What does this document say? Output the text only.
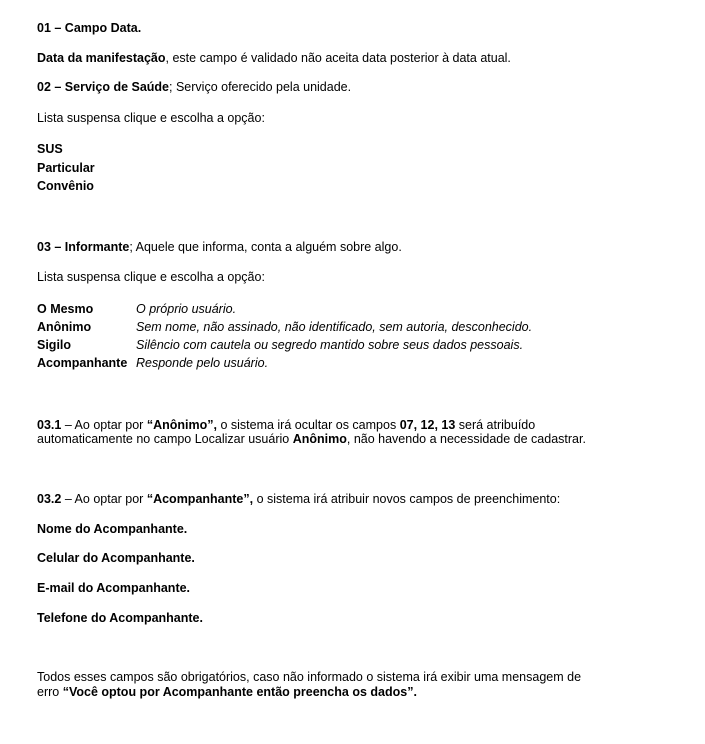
01 – Campo Data.
Data da manifestação, este campo é validado não aceita data posterior à data atual.
02 – Serviço de Saúde; Serviço oferecido pela unidade.
Lista suspensa clique e escolha a opção:
SUS
Particular
Convênio
03 – Informante; Aquele que informa, conta a alguém sobre algo.
Lista suspensa clique e escolha a opção:
O Mesmo	O próprio usuário.
Anônimo	Sem nome, não assinado, não identificado, sem autoria, desconhecido.
Sigilo	Silêncio com cautela ou segredo mantido sobre seus dados pessoais.
Acompanhante Responde pelo usuário.
03.1 – Ao optar por “Anônimo”, o sistema irá ocultar os campos 07, 12, 13 será atribuído
automaticamente no campo Localizar usuário Anônimo, não havendo a necessidade de cadastrar.
03.2 – Ao optar por “Acompanhante”, o sistema irá atribuir novos campos de preenchimento:
Nome do Acompanhante.
Celular do Acompanhante.
E-mail do Acompanhante.
Telefone do Acompanhante.
Todos esses campos são obrigatórios, caso não informado o sistema irá exibir uma mensagem de
erro “Você optou por Acompanhante então preencha os dados”.
